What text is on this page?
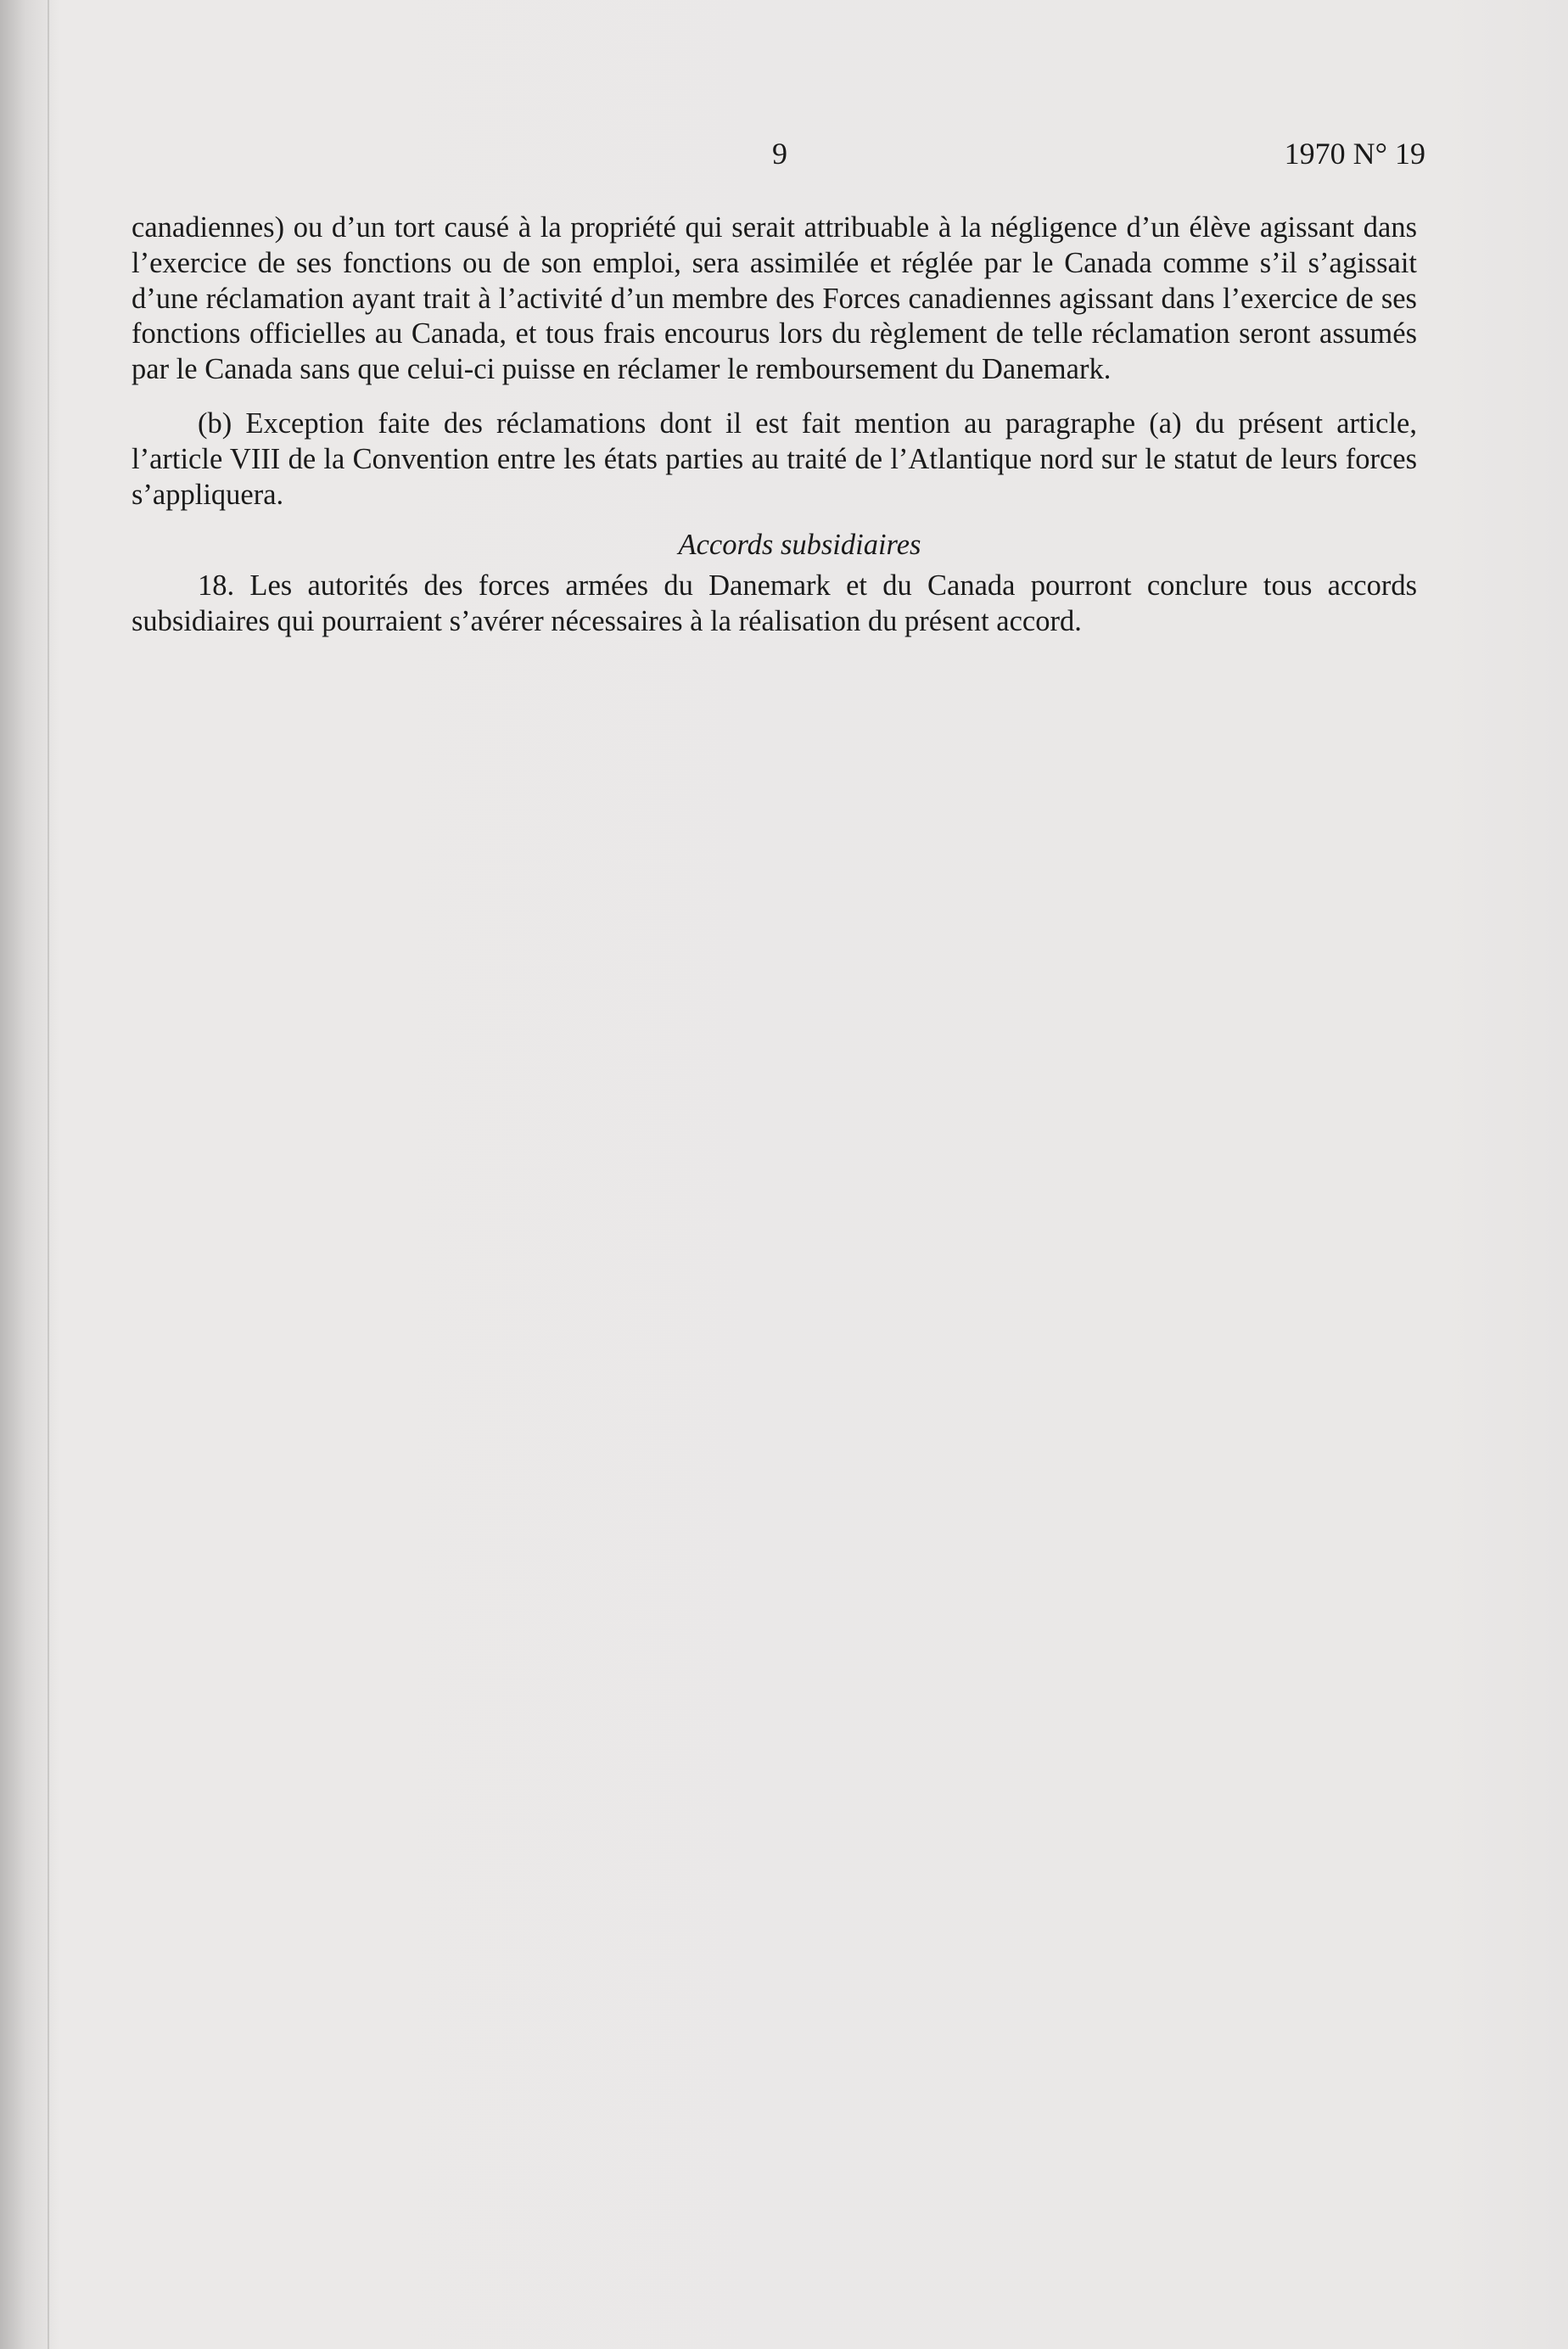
9	1970 N° 19

canadiennes) ou d’un tort causé à la propriété qui serait attribuable à la négligence d’un élève agissant dans l’exercice de ses fonctions ou de son emploi, sera assimilée et réglée par le Canada comme s’il s’agissait d’une réclamation ayant trait à l’activité d’un membre des Forces canadiennes agissant dans l’exercice de ses fonctions officielles au Canada, et tous frais encourus lors du règlement de telle réclamation seront assumés par le Canada sans que celui-ci puisse en réclamer le remboursement du Danemark.

(b) Exception faite des réclamations dont il est fait mention au paragraphe (a) du présent article, l’article VIII de la Convention entre les états parties au traité de l’Atlantique nord sur le statut de leurs forces s’appliquera.

Accords subsidiaires

18. Les autorités des forces armées du Danemark et du Canada pourront conclure tous accords subsidiaires qui pourraient s’avérer nécessaires à la réalisation du présent accord.
